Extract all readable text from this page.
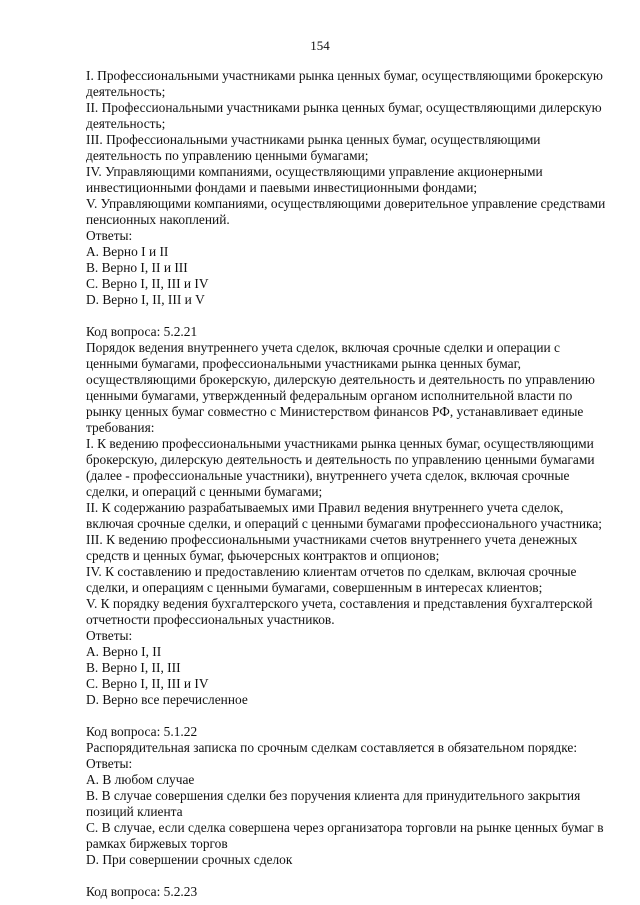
154

I. Профессиональными участниками рынка ценных бумаг, осуществляющими брокерскую деятельность;

II. Профессиональными участниками рынка ценных бумаг, осуществляющими дилерскую деятельность;

III. Профессиональными участниками рынка ценных бумаг, осуществляющими деятельность по управлению ценными бумагами;

IV. Управляющими компаниями, осуществляющими управление акционерными инвестиционными фондами и паевыми инвестиционными фондами;

V. Управляющими компаниями, осуществляющими доверительное управление средствами пенсионных накоплений.

Ответы:

A. Верно I и II

B. Верно I, II и III

C. Верно I, II, III и IV

D. Верно I, II, III и V

Код вопроса: 5.2.21

Порядок ведения внутреннего учета сделок, включая срочные сделки и операции с ценными бумагами, профессиональными участниками рынка ценных бумаг, осуществляющими брокерскую, дилерскую деятельность и деятельность по управлению ценными бумагами, утвержденный федеральным органом исполнительной власти по рынку ценных бумаг совместно с Министерством финансов РФ, устанавливает единые требования:

I. К ведению профессиональными участниками рынка ценных бумаг, осуществляющими брокерскую, дилерскую деятельность и деятельность по управлению ценными бумагами (далее - профессиональные участники), внутреннего учета сделок, включая срочные сделки, и операций с ценными бумагами;

II. К содержанию разрабатываемых ими Правил ведения внутреннего учета сделок, включая срочные сделки, и операций с ценными бумагами профессионального участника;

III. К ведению профессиональными участниками счетов внутреннего учета денежных средств и ценных бумаг, фьючерсных контрактов и опционов;

IV. К составлению и предоставлению клиентам отчетов по сделкам, включая срочные сделки, и операциям с ценными бумагами, совершенным в интересах клиентов;

V. К порядку ведения бухгалтерского учета, составления и представления бухгалтерской отчетности профессиональных участников.

Ответы:

A. Верно I, II

B. Верно I, II, III

C. Верно I, II, III и IV

D. Верно все перечисленное

Код вопроса: 5.1.22

Распорядительная записка по срочным сделкам составляется в обязательном порядке:

Ответы:

A. В любом случае

B. В случае совершения сделки без поручения клиента для принудительного закрытия позиций клиента

C. В случае, если сделка совершена через организатора торговли на рынке ценных бумаг в рамках биржевых торгов

D. При совершении срочных сделок

Код вопроса: 5.2.23
